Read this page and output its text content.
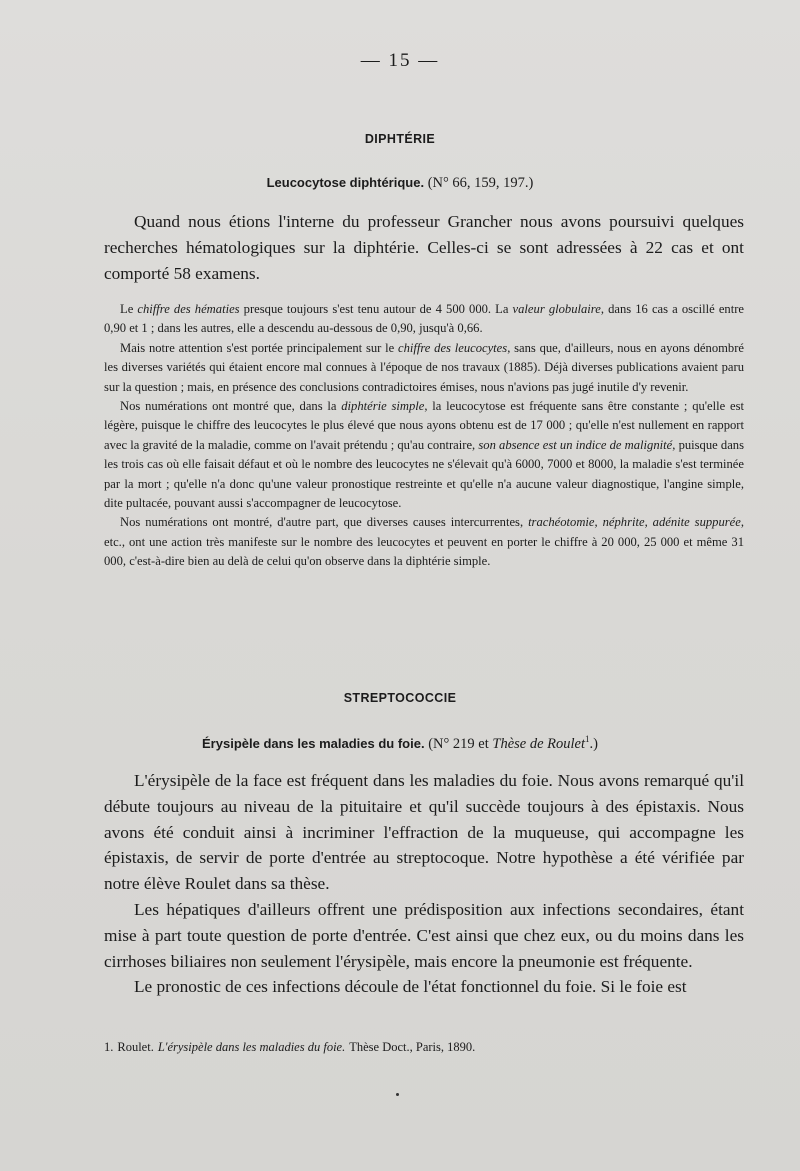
— 15 —
DIPHTÉRIE
Leucocytose diphtérique. (N° 66, 159, 197.)

Quand nous étions l'interne du professeur Grancher nous avons poursuivi quelques recherches hématologiques sur la diphtérie. Celles-ci se sont adressées à 22 cas et ont comporté 58 examens.

Le chiffre des hématies presque toujours s'est tenu autour de 4 500 000. La valeur globulaire, dans 16 cas a oscillé entre 0,90 et 1 ; dans les autres, elle a descendu au-dessous de 0,90, jusqu'à 0,66.

Mais notre attention s'est portée principalement sur le chiffre des leucocytes, sans que, d'ailleurs, nous en ayons dénombré les diverses variétés qui étaient encore mal connues à l'époque de nos travaux (1885). Déjà diverses publications avaient paru sur la question ; mais, en présence des conclusions contradictoires émises, nous n'avions pas jugé inutile d'y revenir.

Nos numérations ont montré que, dans la diphtérie simple, la leucocytose est fréquente sans être constante ; qu'elle est légère, puisque le chiffre des leucocytes le plus élevé que nous ayons obtenu est de 17 000 ; qu'elle n'est nullement en rapport avec la gravité de la maladie, comme on l'avait prétendu ; qu'au contraire, son absence est un indice de malignité, puisque dans les trois cas où elle faisait défaut et où le nombre des leucocytes ne s'élevait qu'à 6000, 7000 et 8000, la maladie s'est terminée par la mort ; qu'elle n'a donc qu'une valeur pronostique restreinte et qu'elle n'a aucune valeur diagnostique, l'angine simple, dite pultacée, pouvant aussi s'accompagner de leucocytose.

Nos numérations ont montré, d'autre part, que diverses causes intercurrentes, trachéotomie, néphrite, adénite suppurée, etc., ont une action très manifeste sur le nombre des leucocytes et peuvent en porter le chiffre à 20 000, 25 000 et même 31 000, c'est-à-dire bien au delà de celui qu'on observe dans la diphtérie simple.

STREPTOCOCCIE
Érysipèle dans les maladies du foie. (N° 219 et Thèse de Roulet$^1$.)

L'érysipèle de la face est fréquent dans les maladies du foie. Nous avons remarqué qu'il débute toujours au niveau de la pituitaire et qu'il succède toujours à des épistaxis. Nous avons été conduit ainsi à incriminer l'effraction de la muqueuse, qui accompagne les épistaxis, de servir de porte d'entrée au streptocoque. Notre hypothèse a été vérifiée par notre élève Roulet dans sa thèse.

Les hépatiques d'ailleurs offrent une prédisposition aux infections secondaires, étant mise à part toute question de porte d'entrée. C'est ainsi que chez eux, ou du moins dans les cirrhoses biliaires non seulement l'érysipèle, mais encore la pneumonie est fréquente.

Le pronostic de ces infections découle de l'état fonctionnel du foie. Si le foie est

1. Roulet. L'érysipèle dans les maladies du foie. Thèse Doct., Paris, 1890.
